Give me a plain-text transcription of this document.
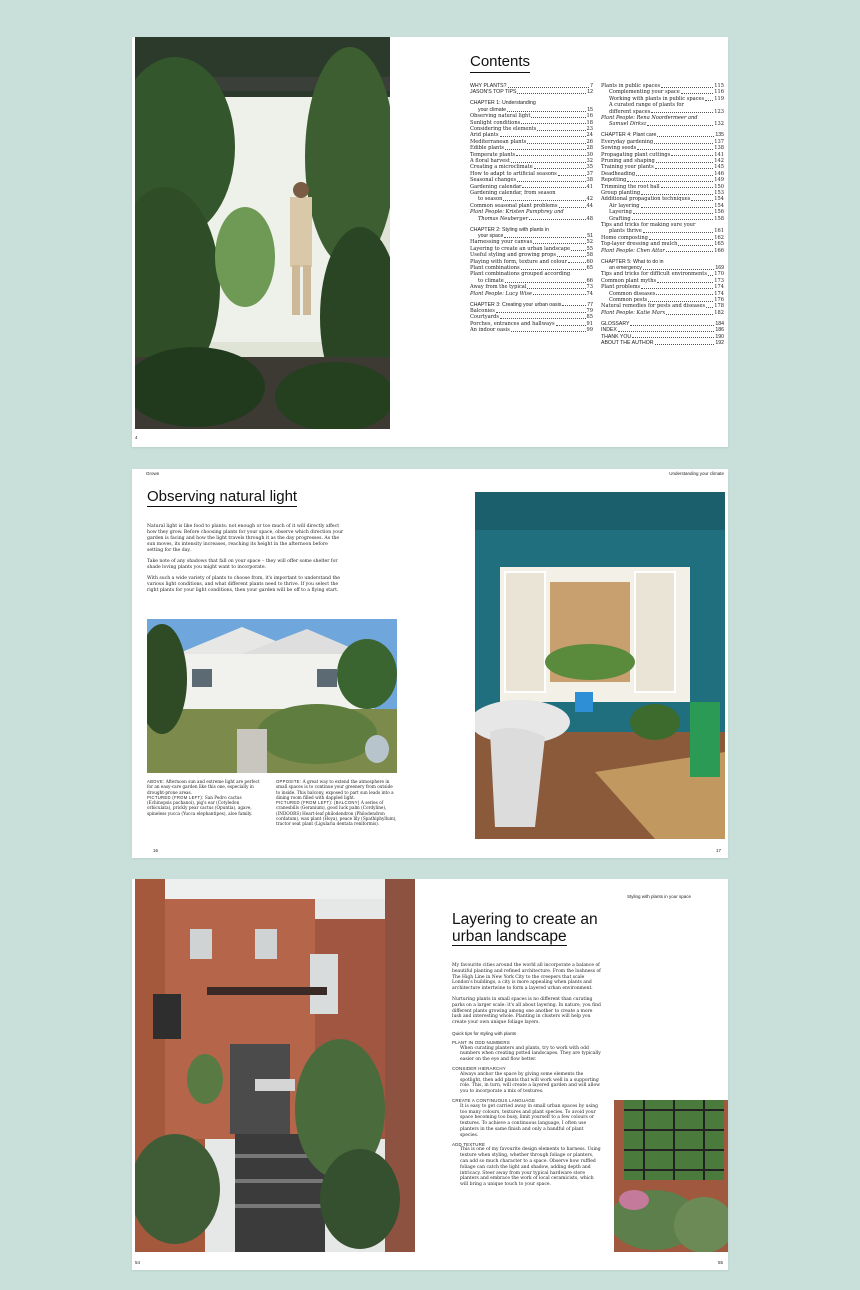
4
Contents
WHY PLANTS?	7
JASON'S TOP TIPS	12
CHAPTER 1: Understanding
your climate	15
Observing natural light	16
Sunlight conditions	18
Considering the elements	23
Arid plants	24
Mediterranean plants	26
Edible plants	28
Temperate plants	30
A floral harvest	32
Creating a microclimate	35
How to adapt to artificial seasons	37
Seasonal changes	38
Gardening calendar	41
Gardening calendar, from season
to season	42
Common seasonal plant problems	44
Plant People: Kristen Pumphrey and
Thomas Neuberger	48
CHAPTER 2: Styling with plants in
your space	51
Harnessing your canvas	52
Layering to create an urban landscape	55
Useful styling and growing props	58
Playing with form, texture and colour	60
Plant combinations	65
Plant combinations grouped according
to climate	66
Away from the typical	73
Plant People: Lucy Wise	74
CHAPTER 3: Creating your urban oasis	77
Balconies	79
Courtyards	85
Porches, entrances and hallways	91
An indoor oasis	99
Plants in public spaces	115
Complementing your space	116
Working with plants in public spaces 119
A curated range of plants for
different spaces	123
Plant People: Rena Noordermeer and
Samuel Dirksz	132
CHAPTER 4: Plant care	135
Everyday gardening	137
Sowing seeds	138
Propagating plant cuttings	141
Pruning and shaping	142
Training your plants	145
Deadheading	146
Repotting	149
Trimming the root ball	150
Group planting	153
Additional propagation techniques	154
Air layering	154
Layering	156
Grafting	158
Tips and tricks for making sure your
plants thrive	161
Home composting	162
Top-layer dressing and mulch	165
Plant People: Chen Attar	166
CHAPTER 5: What to do in
an emergency	169
Tips and tricks for difficult environments 170
Common plant myths	173
Plant problems	174
Common diseases	174
Common pests	176
Natural remedies for pests and diseases 178
Plant People: Katie Marx	182
GLOSSARY	184
INDEX	186
THANK YOU	190
ABOUT THE AUTHOR	192
Grown	Understanding your climate
Observing natural light

Natural light is like food to plants: not enough or too much of it will directly affect how they grow. Before choosing plants for your space, observe which direction your garden is facing and how the light travels through it as the day progresses. As the sun moves, its intensity increases, reaching its height in the afternoon before setting for the day.

Take note of any shadows that fall on your space – they will offer some shelter for shade loving plants you might want to incorporate.

With such a wide variety of plants to choose from, it's important to understand the various light conditions, and what different plants need to thrive. If you select the right plants for your light conditions, then your garden will be off to a flying start.

ABOVE: Afternoon sun and extreme light are perfect for an easy-care garden like this one, especially in drought-prone areas.
PICTURED (FROM LEFT): San Pedro cactus (Echinopsis pachanoi), pig's ear (Cotyledon orbiculata), prickly pear cactus (Opuntia), agave, spineless yucca (Yucca elephantipes), aloe family.
OPPOSITE: A great way to extend the atmosphere in small spaces is to continue your greenery from outside to inside. This balcony, exposed to part sun leads into a dining room filled with dappled light.
PICTURED (FROM LEFT): (BALCONY) A series of cranesbills (Geranium), good luck palm (Cordyline), (INDOORS) Heart-leaf philodendron (Philodendron cordatum), wax plant (Hoya), peace lily (Spathiphyllum), tractor seat plant (Ligularia dentata reniformis).
16	17
54
Styling with plants in your space
Layering to create an
urban landscape

My favourite cities around the world all incorporate a balance of beautiful planting and refined architecture. From the lushness of The High Line in New York City to the creepers that scale London's buildings, a city is more appealing when plants and architecture intertwine to form a layered urban environment.

Nurturing plants in small spaces is no different than curating parks on a larger scale: it's all about layering. In nature, you find different plants growing among one another to create a more lush and interesting whole. Planting in clusters will help you create your own unique foliage layers.

Quick tips for styling with plants
PLANT IN ODD NUMBERS
When curating planters and plants, try to work with odd numbers when creating potted landscapes. They are typically easier on the eye and flow better.
CONSIDER HIERARCHY
Always anchor the space by giving some elements the spotlight, then add plants that will work well in a supporting role. This, in turn, will create a layered garden and will allow you to incorporate a mix of textures.
CREATE A CONTINUOUS LANGUAGE
It is easy to get carried away in small urban spaces by using too many colours, textures and plant species. To avoid your space becoming too busy, limit yourself to a few colours or textures. To achieve a continuous language, I often use planters in the same finish and only a handful of plant species.
ADD TEXTURE
This is one of my favourite design elements to harness. Using texture when styling, whether through foliage or planters, can add so much character to a space. Observe how ruffled foliage can catch the light and shadow, adding depth and intricacy. Steer away from your typical hardware store planters and embrace the work of local ceramicists, which will bring a unique touch to your space.
55
